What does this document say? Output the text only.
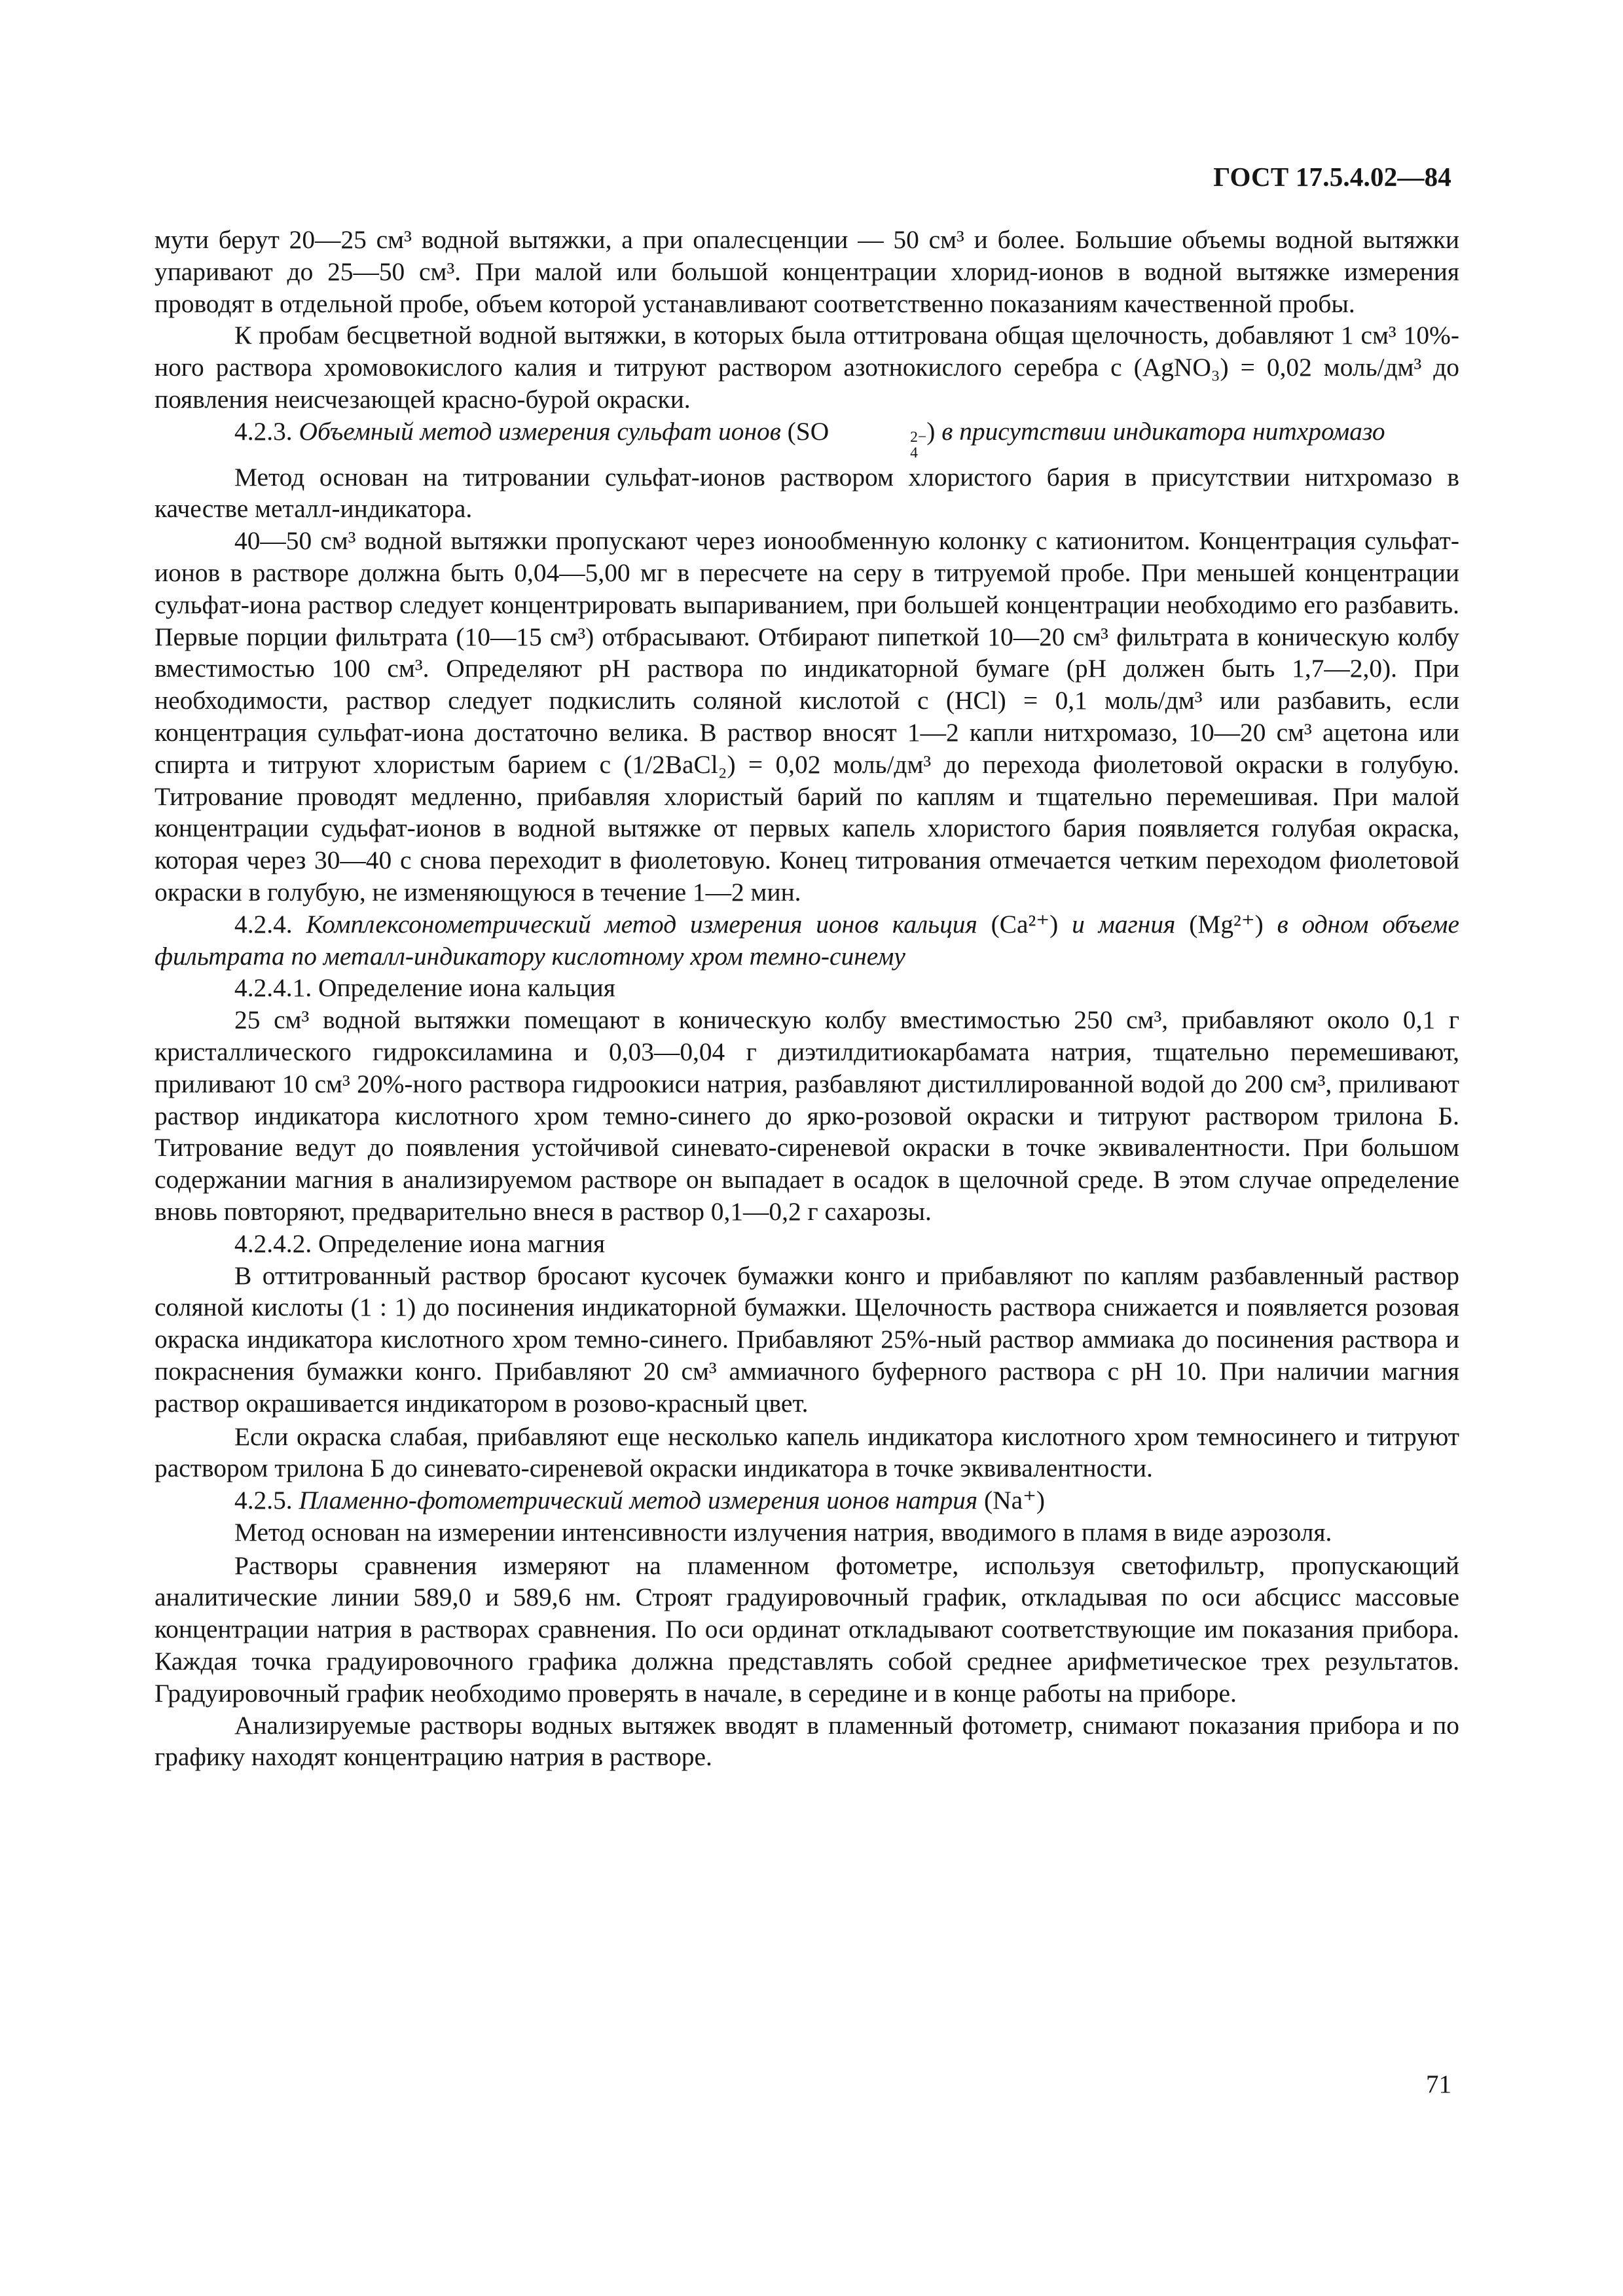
ГОСТ 17.5.4.02—84

мути берут 20—25 см³ водной вытяжки, а при опалесценции — 50 см³ и более. Большие объемы водной вытяжки упаривают до 25—50 см³. При малой или большой концентрации хлорид-ионов в водной вытяжке измерения проводят в отдельной пробе, объем которой устанавливают соответственно показаниям качественной пробы.

К пробам бесцветной водной вытяжки, в которых была оттитрована общая щелочность, добавляют 1 см³ 10%-ного раствора хромовокислого калия и титруют раствором азотнокислого серебра c (AgNO₃) = 0,02 моль/дм³ до появления неисчезающей красно-бурой окраски.

4.2.3. Объемный метод измерения сульфат ионов (SO	2−
4
) в присутствии индикатора нитхромазо

Метод основан на титровании сульфат-ионов раствором хлористого бария в присутствии нитхромазо в качестве металл-индикатора.

40—50 см³ водной вытяжки пропускают через ионообменную колонку с катионитом. Концентрация сульфат-ионов в растворе должна быть 0,04—5,00 мг в пересчете на серу в титруемой пробе. При меньшей концентрации сульфат-иона раствор следует концентрировать выпариванием, при большей концентрации необходимо его разбавить. Первые порции фильтрата (10—15 см³) отбрасывают. Отбирают пипеткой 10—20 см³ фильтрата в коническую колбу вместимостью 100 см³. Определяют pH раствора по индикаторной бумаге (pH должен быть 1,7—2,0). При необходимости, раствор следует подкислить соляной кислотой c (HCl) = 0,1 моль/дм³ или разбавить, если концентрация сульфат-иона достаточно велика. В раствор вносят 1—2 капли нитхромазо, 10—20 см³ ацетона или спирта и титруют хлористым барием c (1/2BaCl₂) = 0,02 моль/дм³ до перехода фиолетовой окраски в голубую. Титрование проводят медленно, прибавляя хлористый барий по каплям и тщательно перемешивая. При малой концентрации судьфат-ионов в водной вытяжке от первых капель хлористого бария появляется голубая окраска, которая через 30—40 с снова переходит в фиолетовую. Конец титрования отмечается четким переходом фиолетовой окраски в голубую, не изменяющуюся в течение 1—2 мин.

4.2.4. Комплексонометрический метод измерения ионов кальция (Ca²⁺) и магния (Mg²⁺) в одном объеме фильтрата по металл-индикатору кислотному хром темно-синему

4.2.4.1. Определение иона кальция

25 см³ водной вытяжки помещают в коническую колбу вместимостью 250 см³, прибавляют около 0,1 г кристаллического гидроксиламина и 0,03—0,04 г диэтилдитиокарбамата натрия, тщательно перемешивают, приливают 10 см³ 20%-ного раствора гидроокиси натрия, разбавляют дистиллированной водой до 200 см³, приливают раствор индикатора кислотного хром темно-синего до ярко-розовой окраски и титруют раствором трилона Б. Титрование ведут до появления устойчивой синевато-сиреневой окраски в точке эквивалентности. При большом содержании магния в анализируемом растворе он выпадает в осадок в щелочной среде. В этом случае определение вновь повторяют, предварительно внеся в раствор 0,1—0,2 г сахарозы.

4.2.4.2. Определение иона магния

В оттитрованный раствор бросают кусочек бумажки конго и прибавляют по каплям разбавленный раствор соляной кислоты (1 : 1) до посинения индикаторной бумажки. Щелочность раствора снижается и появляется розовая окраска индикатора кислотного хром темно-синего. Прибавляют 25%-ный раствор аммиака до посинения раствора и покраснения бумажки конго. Прибавляют 20 см³ аммиачного буферного раствора с pH 10. При наличии магния раствор окрашивается индикатором в розово-красный цвет.

Если окраска слабая, прибавляют еще несколько капель индикатора кислотного хром темносинего и титруют раствором трилона Б до синевато-сиреневой окраски индикатора в точке эквивалентности.

4.2.5. Пламенно-фотометрический метод измерения ионов натрия (Na⁺)

Метод основан на измерении интенсивности излучения натрия, вводимого в пламя в виде аэрозоля.

Растворы сравнения измеряют на пламенном фотометре, используя светофильтр, пропускающий аналитические линии 589,0 и 589,6 нм. Строят градуировочный график, откладывая по оси абсцисс массовые концентрации натрия в растворах сравнения. По оси ординат откладывают соответствующие им показания прибора. Каждая точка градуировочного графика должна представлять собой среднее арифметическое трех результатов. Градуировочный график необходимо проверять в начале, в середине и в конце работы на приборе.

Анализируемые растворы водных вытяжек вводят в пламенный фотометр, снимают показания прибора и по графику находят концентрацию натрия в растворе.

71
